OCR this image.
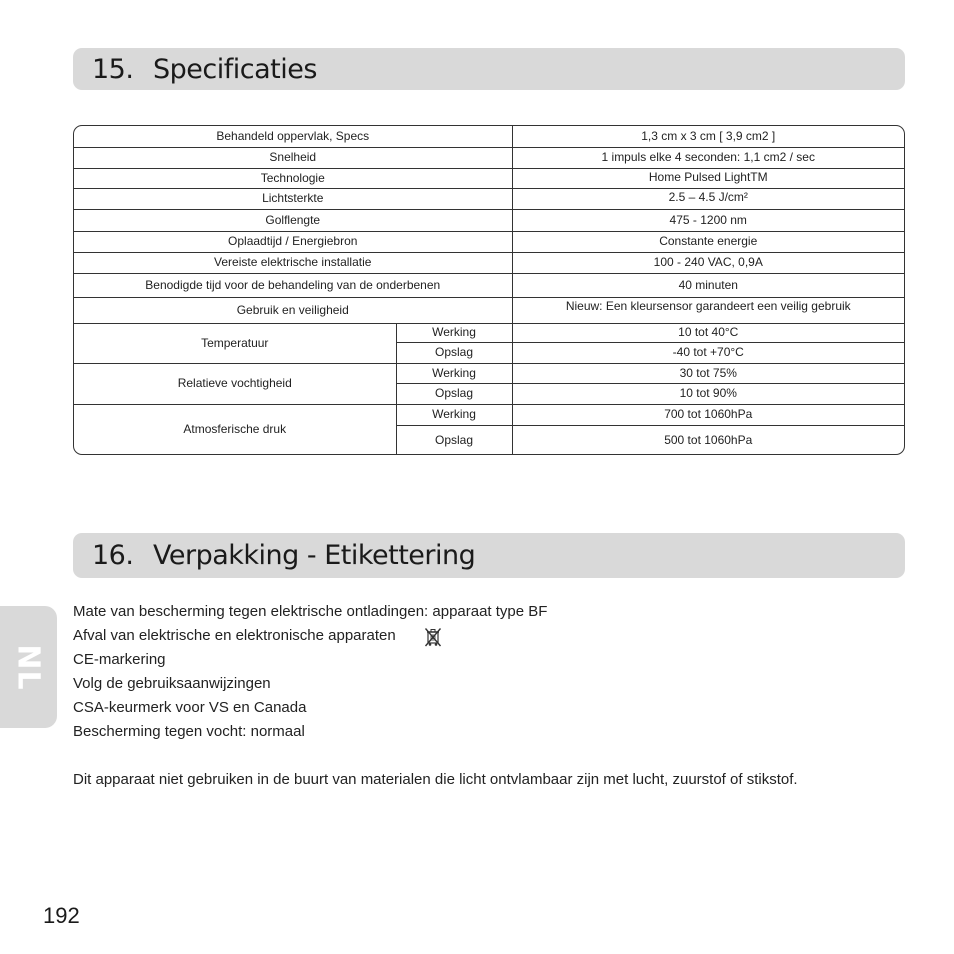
15. Specificaties
Behandeld oppervlak, Specs		1,3 cm x 3 cm [ 3,9 cm2 ]
Snelheid		1 impuls elke 4 seconden: 1,1 cm2 / sec
Technologie		Home Pulsed LightTM
Lichtsterkte		2.5 – 4.5 J/cm²
Golflengte		475 - 1200 nm
Oplaadtijd / Energiebron		Constante energie
Vereiste elektrische installatie		100 - 240 VAC, 0,9A
Benodigde tijd voor de behandeling van de onderbenen		40 minuten
Gebruik en veiligheid		Nieuw: Een kleursensor garandeert een veilig gebruik
Temperatuur	Werking	10 tot 40°C
	Opslag	-40 tot +70°C
Relatieve vochtigheid	Werking	30 tot 75%
	Opslag	10 tot 90%
Atmosferische druk	Werking	700 tot 1060hPa
	Opslag	500 tot 1060hPa
16. Verpakking - Etikettering
Mate van bescherming tegen elektrische ontladingen: apparaat type BF
Afval van elektrische en elektronische apparaten
CE-markering
Volg de gebruiksaanwijzingen
CSA-keurmerk voor VS en Canada
Bescherming tegen vocht: normaal
Dit apparaat niet gebruiken in de buurt van materialen die licht ontvlambaar zijn met lucht, zuurstof of stikstof.
NL
192
